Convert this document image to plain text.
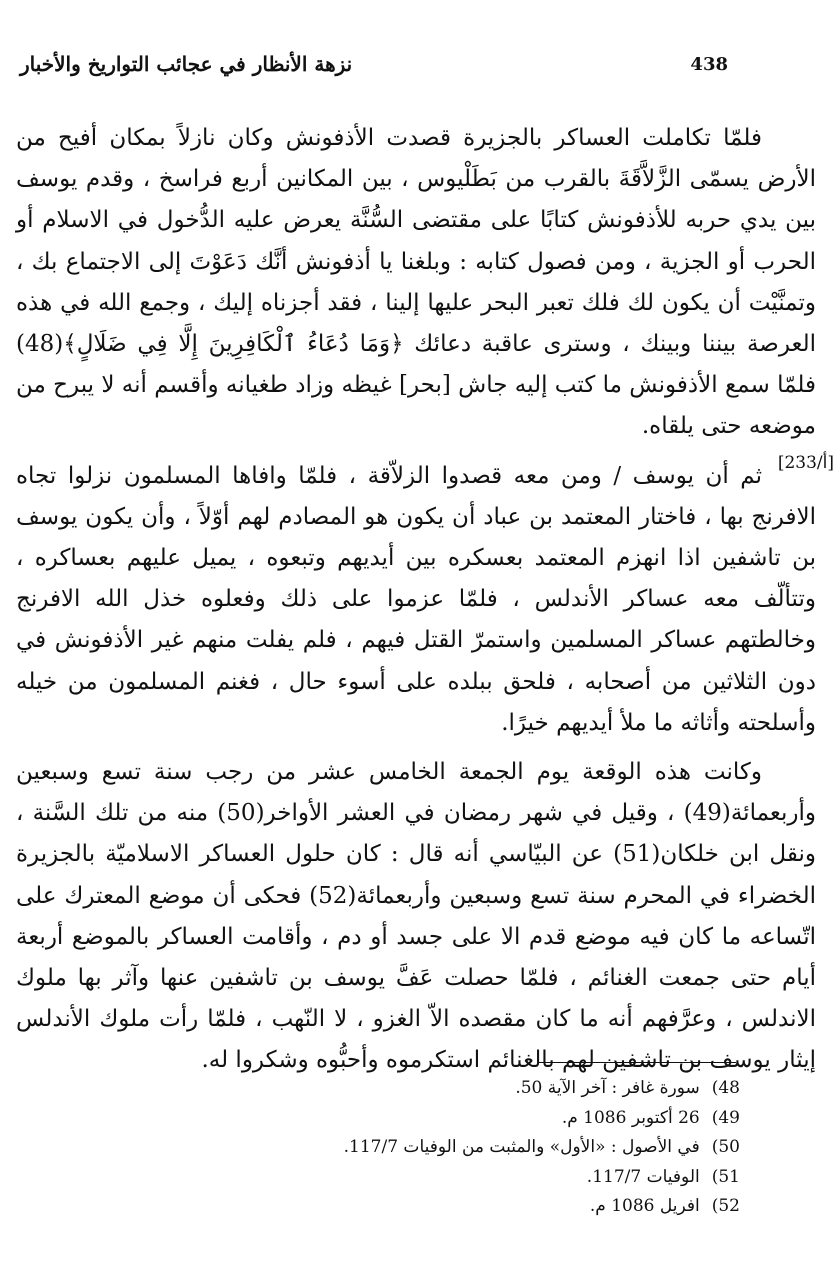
نزهة الأنظار في عجائب التواريخ والأخبار	438
[233/أ]

فلمّا تكاملت العساكر بالجزيرة قصدت الأذفونش وكان نازلاً بمكان أفيح من الأرض يسمّى الزَّلاَّقَةَ بالقرب من بَطَلْيوس ، بين المكانين أربع فراسخ ، وقدم يوسف بين يدي حربه للأذفونش كتابًا على مقتضى السُّنَّة يعرض عليه الدُّخول في الاسلام أو الحرب أو الجزية ، ومن فصول كتابه : وبلغنا يا أذفونش أنَّك دَعَوْتَ إلى الاجتماع بك ، وتمنَّيْت أن يكون لك فلك تعبر البحر عليها إلينا ، فقد أجزناه إليك ، وجمع الله في هذه العرصة بيننا وبينك ، وسترى عاقبة دعائك ﴿وَمَا دُعَاءُ ٱلْكَافِرِينَ إِلَّا فِي ضَلَالٍ﴾(48) فلمّا سمع الأذفونش ما كتب إليه جاش [بحر] غيظه وزاد طغيانه وأقسم أنه لا يبرح من موضعه حتى يلقاه.

ثم أن يوسف / ومن معه قصدوا الزلاّقة ، فلمّا وافاها المسلمون نزلوا تجاه الافرنج بها ، فاختار المعتمد بن عباد أن يكون هو المصادم لهم أوّلاً ، وأن يكون يوسف بن تاشفين اذا انهزم المعتمد بعسكره بين أيديهم وتبعوه ، يميل عليهم بعساكره ، وتتألّف معه عساكر الأندلس ، فلمّا عزموا على ذلك وفعلوه خذل الله الافرنج وخالطتهم عساكر المسلمين واستمرّ القتل فيهم ، فلم يفلت منهم غير الأذفونش في دون الثلاثين من أصحابه ، فلحق ببلده على أسوء حال ، فغنم المسلمون من خيله وأسلحته وأثاثه ما ملأ أيديهم خيرًا.

وكانت هذه الوقعة يوم الجمعة الخامس عشر من رجب سنة تسع وسبعين وأربعمائة(49) ، وقيل في شهر رمضان في العشر الأواخر(50) منه من تلك السَّنة ، ونقل ابن خلكان(51) عن البيّاسي أنه قال : كان حلول العساكر الاسلاميّة بالجزيرة الخضراء في المحرم سنة تسع وسبعين وأربعمائة(52) فحكى أن موضع المعترك على اتّساعه ما كان فيه موضع قدم الا على جسد أو دم ، وأقامت العساكر بالموضع أربعة أيام حتى جمعت الغنائم ، فلمّا حصلت عَفَّ يوسف بن تاشفين عنها وآثر بها ملوك الاندلس ، وعرَّفهم أنه ما كان مقصده الاّ الغزو ، لا النّهب ، فلمّا رأت ملوك الأندلس إيثار يوسف بن تاشفين لهم بالغنائم استكرموه وأحبُّوه وشكروا له.

48)سورة غافر : آخر الآية 50.
49)26 أكتوبر 1086 م.
50)في الأصول : «الأول» والمثبت من الوفيات 117/7.
51)الوفيات 117/7.
52)افريل 1086 م.
